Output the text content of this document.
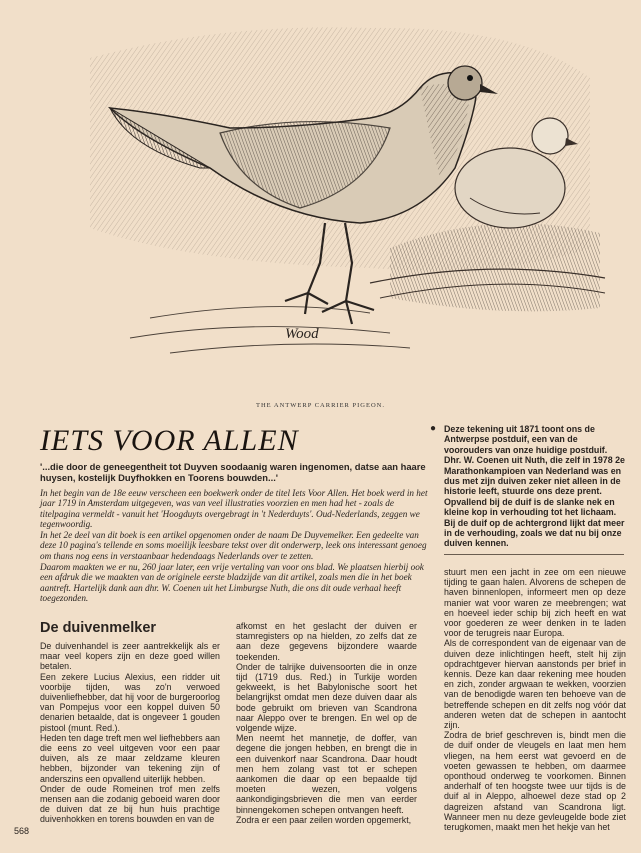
Wood
THE ANTWERP CARRIER PIGEON.
IETS VOOR ALLEN

'...die door de geneegentheit tot Duyven soodaanig waren ingenomen, datse aan haare huysen, kostelijk Duyfhokken en Toorens bouwden...'

In het begin van de 18e eeuw verscheen een boekwerk onder de titel Iets Voor Allen. Het boek werd in het jaar 1719 in Amsterdam uitgegeven, was van veel illustraties voorzien en men had het - zoals de titelpagina vermeldt - vanuit het 'Hoogduyts overgebragt in 't Nederduyts'. Oud-Nederlands, zeggen we tegenwoordig.

In het 2e deel van dit boek is een artikel opgenomen onder de naam De Duyvemelker. Een gedeelte van deze 10 pagina's tellende en soms moeilijk leesbare tekst over dit onderwerp, leek ons interessant genoeg om thans nog eens in verstaanbaar hedendaags Nederlands over te zetten.

Daarom maakten we er nu, 260 jaar later, een vrije vertaling van voor ons blad. We plaatsen hierbij ook een afdruk die we maakten van de originele eerste bladzijde van dit artikel, zoals men die in het boek aantreft. Hartelijk dank aan dhr. W. Coenen uit het Limburgse Nuth, die ons dit oude verhaal heeft toegezonden.

● Deze tekening uit 1871 toont ons de Antwerpse postduif, een van de voorouders van onze huidige postduif. Dhr. W. Coenen uit Nuth, die zelf in 1978 2e Marathonkampioen van Nederland was en dus met zijn duiven zeker niet alleen in de historie leeft, stuurde ons deze prent. Opvallend bij de duif is de slanke nek en kleine kop in verhouding tot het lichaam. Bij de duif op de achtergrond lijkt dat meer in de verhouding, zoals we dat nu bij onze duiven kennen.

De duivenmelker

De duivenhandel is zeer aantrekkelijk als er maar veel kopers zijn en deze goed willen betalen.

Een zekere Lucius Alexius, een ridder uit voorbije tijden, was zo'n verwoed duivenliefhebber, dat hij voor de burgeroorlog van Pompejus voor een koppel duiven 50 denarien betaalde, dat is ongeveer 1 gouden pistool (munt. Red.).

Heden ten dage treft men wel liefhebbers aan die eens zo veel uitgeven voor een paar duiven, als ze maar zeldzame kleuren hebben, bijzonder van tekening zijn of anderszins een opvallend uiterlijk hebben.

Onder de oude Romeinen trof men zelfs mensen aan die zodanig geboeid waren door de duiven dat ze bij hun huis prachtige duivenhokken en torens bouwden en van de

afkomst en het geslacht der duiven er stamregisters op na hielden, zo zelfs dat ze aan deze gegevens bijzondere waarde toekenden.

Onder de talrijke duivensoorten die in onze tijd (1719 dus. Red.) in Turkije worden gekweekt, is het Babylonische soort het belangrijkst omdat men deze duiven daar als bode gebruikt om brieven van Scandrona naar Aleppo over te brengen. En wel op de volgende wijze.

Men neemt het mannetje, de doffer, van degene die jongen hebben, en brengt die in een duivenkorf naar Scandrona. Daar houdt men hem zolang vast tot er schepen aankomen die daar op een bepaalde tijd moeten wezen, volgens aankondigingsbrieven die men van eerder binnengekomen schepen ontvangen heeft.

Zodra er een paar zeilen worden opgemerkt,

stuurt men een jacht in zee om een nieuwe tijding te gaan halen. Alvorens de schepen de haven binnenlopen, informeert men op deze manier wat voor waren ze meebrengen; wat en hoeveel ieder schip bij zich heeft en wat voor goederen ze weer denken in te laden voor de terugreis naar Europa.

Als de correspondent van de eigenaar van de duiven deze inlichtingen heeft, stelt hij zijn opdrachtgever hiervan aanstonds per brief in kennis. Deze kan daar rekening mee houden en zich, zonder argwaan te wekken, voorzien van de benodigde waren ten behoeve van de betreffende schepen en dit zelfs nog vóór dat anderen weten dat de schepen in aantocht zijn.

Zodra de brief geschreven is, bindt men die de duif onder de vleugels en laat men hem vliegen, na hem eerst wat gevoerd en de voeten gewassen te hebben, om daarmee oponthoud onderweg te voorkomen. Binnen anderhalf of ten hoogste twee uur tijds is de duif al in Aleppo, alhoewel deze stad op 2 dagreizen afstand van Scandrona ligt. Wanneer men nu deze gevleugelde bode ziet terugkomen, maakt men het hekje van het

568
